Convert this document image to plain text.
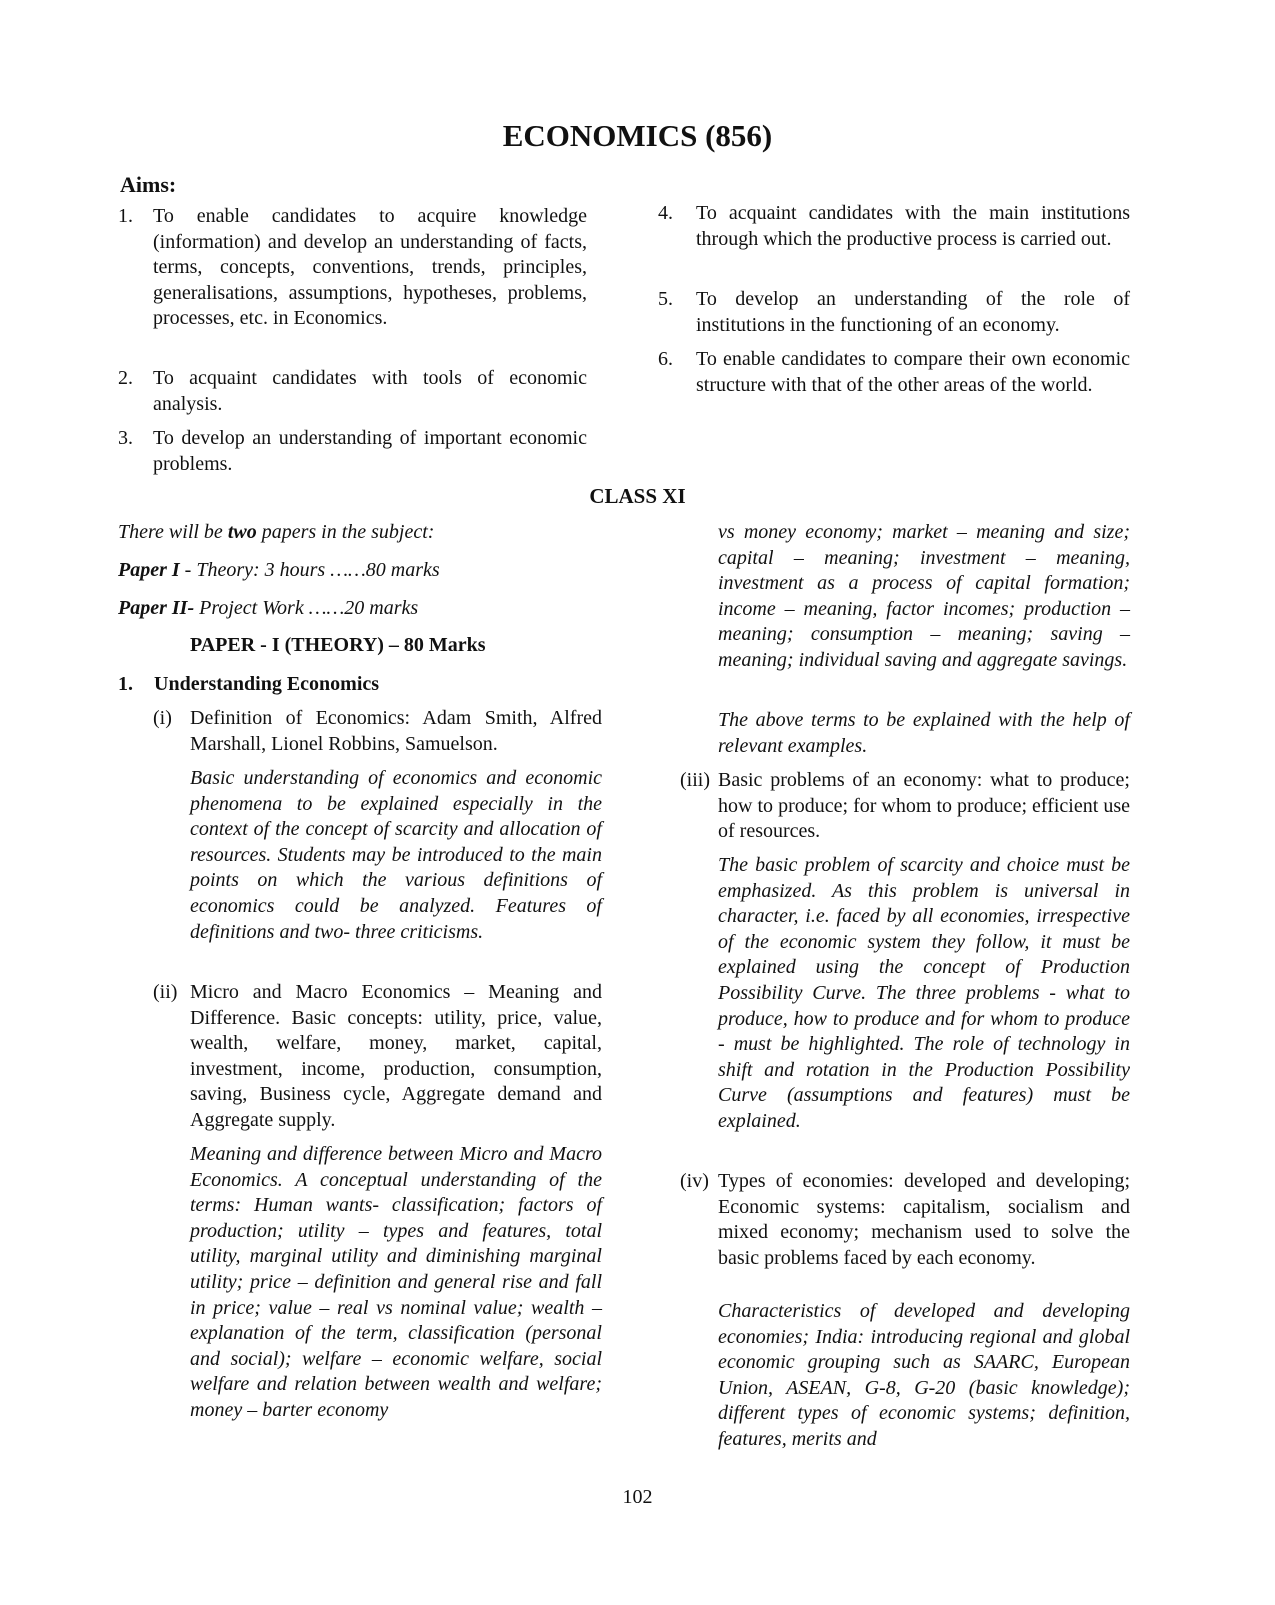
ECONOMICS (856)
Aims:
1. To enable candidates to acquire knowledge (information) and develop an understanding of facts, terms, concepts, conventions, trends, principles, generalisations, assumptions, hypotheses, problems, processes, etc. in Economics.
2. To acquaint candidates with tools of economic analysis.
3. To develop an understanding of important economic problems.
4. To acquaint candidates with the main institutions through which the productive process is carried out.
5. To develop an understanding of the role of institutions in the functioning of an economy.
6. To enable candidates to compare their own economic structure with that of the other areas of the world.
CLASS XI
There will be two papers in the subject:
Paper I - Theory: 3 hours ……80 marks
Paper II- Project Work ……20 marks
PAPER - I (THEORY) – 80 Marks
1. Understanding Economics
(i) Definition of Economics: Adam Smith, Alfred Marshall, Lionel Robbins, Samuelson.
Basic understanding of economics and economic phenomena to be explained especially in the context of the concept of scarcity and allocation of resources. Students may be introduced to the main points on which the various definitions of economics could be analyzed. Features of definitions and two- three criticisms.
(ii) Micro and Macro Economics – Meaning and Difference. Basic concepts: utility, price, value, wealth, welfare, money, market, capital, investment, income, production, consumption, saving, Business cycle, Aggregate demand and Aggregate supply.
Meaning and difference between Micro and Macro Economics. A conceptual understanding of the terms: Human wants- classification; factors of production; utility – types and features, total utility, marginal utility and diminishing marginal utility; price – definition and general rise and fall in price; value – real vs nominal value; wealth – explanation of the term, classification (personal and social); welfare – economic welfare, social welfare and relation between wealth and welfare; money – barter economy
vs money economy; market – meaning and size; capital – meaning; investment – meaning, investment as a process of capital formation; income – meaning, factor incomes; production – meaning; consumption – meaning; saving – meaning; individual saving and aggregate savings.
The above terms to be explained with the help of relevant examples.
(iii) Basic problems of an economy: what to produce; how to produce; for whom to produce; efficient use of resources.
The basic problem of scarcity and choice must be emphasized. As this problem is universal in character, i.e. faced by all economies, irrespective of the economic system they follow, it must be explained using the concept of Production Possibility Curve. The three problems - what to produce, how to produce and for whom to produce - must be highlighted. The role of technology in shift and rotation in the Production Possibility Curve (assumptions and features) must be explained.
(iv) Types of economies: developed and developing; Economic systems: capitalism, socialism and mixed economy; mechanism used to solve the basic problems faced by each economy.
Characteristics of developed and developing economies; India: introducing regional and global economic grouping such as SAARC, European Union, ASEAN, G-8, G-20 (basic knowledge); different types of economic systems; definition, features, merits and
102
